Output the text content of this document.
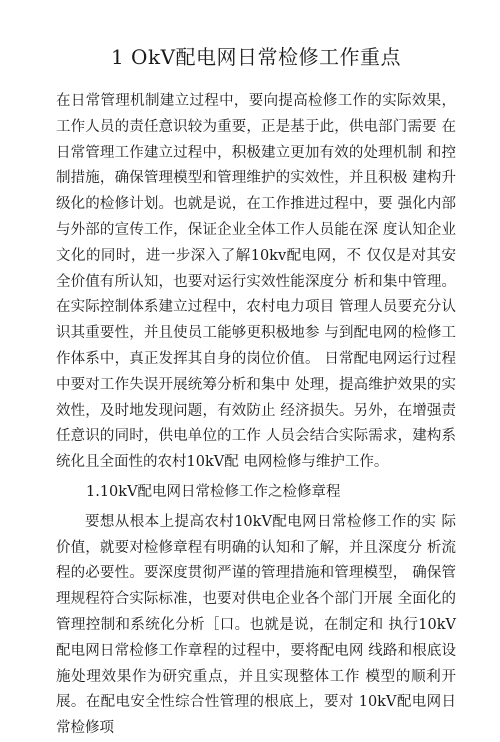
1 OkV配电网日常检修工作重点

在日常管理机制建立过程中，要向提高检修工作的实际效果，工作人员的责任意识较为重要，正是基于此，供电部门需要 在日常管理工作建立过程中，积极建立更加有效的处理机制 和控制措施，确保管理模型和管理维护的实效性，并且积极 建构升级化的检修计划。也就是说，在工作推进过程中，要 强化内部与外部的宣传工作，保证企业全体工作人员能在深 度认知企业文化的同时，进一步深入了解10kv配电网，不 仅仅是对其安全价值有所认知，也要对运行实效性能深度分 析和集中管理。在实际控制体系建立过程中，农村电力项目 管理人员要充分认识其重要性，并且使员工能够更积极地参 与到配电网的检修工作体系中，真正发挥其自身的岗位价值。 日常配电网运行过程中要对工作失误开展统筹分析和集中 处理，提高维护效果的实效性，及时地发现问题，有效防止 经济损失。另外，在增强责任意识的同时，供电单位的工作 人员会结合实际需求，建构系统化且全面性的农村10kV配 电网检修与维护工作。

1.10kV配电网日常检修工作之检修章程

要想从根本上提高农村10kV配电网日常检修工作的实 际价值，就要对检修章程有明确的认知和了解，并且深度分 析流程的必要性。要深度贯彻严谨的管理措施和管理模型， 确保管理规程符合实际标准，也要对供电企业各个部门开展 全面化的管理控制和系统化分析［口。也就是说，在制定和 执行10kV配电网日常检修工作章程的过程中，要将配电网 线路和根底设施处理效果作为研究重点，并且实现整体工作 模型的顺利开展。在配电安全性综合性管理的根底上，要对 10kV配电网日常检修项
